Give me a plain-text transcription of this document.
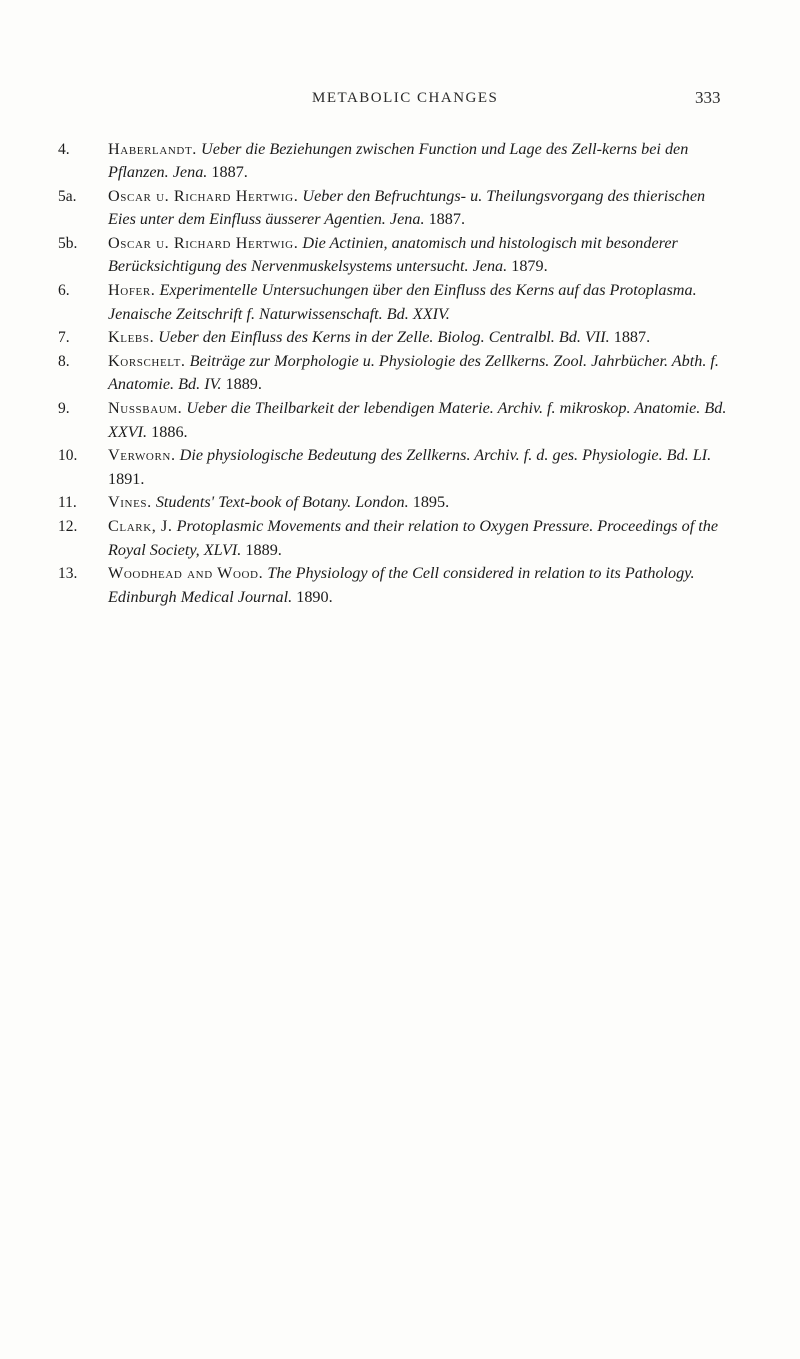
METABOLIC CHANGES	333
4.	Haberlandt. Ueber die Beziehungen zwischen Function und Lage des Zell-kerns bei den Pflanzen. Jena. 1887.
5a.	Oscar u. Richard Hertwig. Ueber den Befruchtungs- u. Theilungsvorgang des thierischen Eies unter dem Einfluss äusserer Agentien. Jena. 1887.
5b.	Oscar u. Richard Hertwig. Die Actinien, anatomisch und histologisch mit besonderer Berücksichtigung des Nervenmuskelsystems untersucht. Jena. 1879.
6.	Hofer. Experimentelle Untersuchungen über den Einfluss des Kerns auf das Protoplasma. Jenaische Zeitschrift f. Naturwissenschaft. Bd. XXIV.
7.	Klebs. Ueber den Einfluss des Kerns in der Zelle. Biolog. Centralbl. Bd. VII. 1887.
8.	Korschelt. Beiträge zur Morphologie u. Physiologie des Zellkerns. Zool. Jahrbücher. Abth. f. Anatomie. Bd. IV. 1889.
9.	Nussbaum. Ueber die Theilbarkeit der lebendigen Materie. Archiv. f. mikroskop. Anatomie. Bd. XXVI. 1886.
10.	Verworn. Die physiologische Bedeutung des Zellkerns. Archiv. f. d. ges. Physiologie. Bd. LI. 1891.
11.	Vines. Students' Text-book of Botany. London. 1895.
12.	Clark, J. Protoplasmic Movements and their relation to Oxygen Pressure. Proceedings of the Royal Society, XLVI. 1889.
13.	Woodhead and Wood. The Physiology of the Cell considered in relation to its Pathology. Edinburgh Medical Journal. 1890.
